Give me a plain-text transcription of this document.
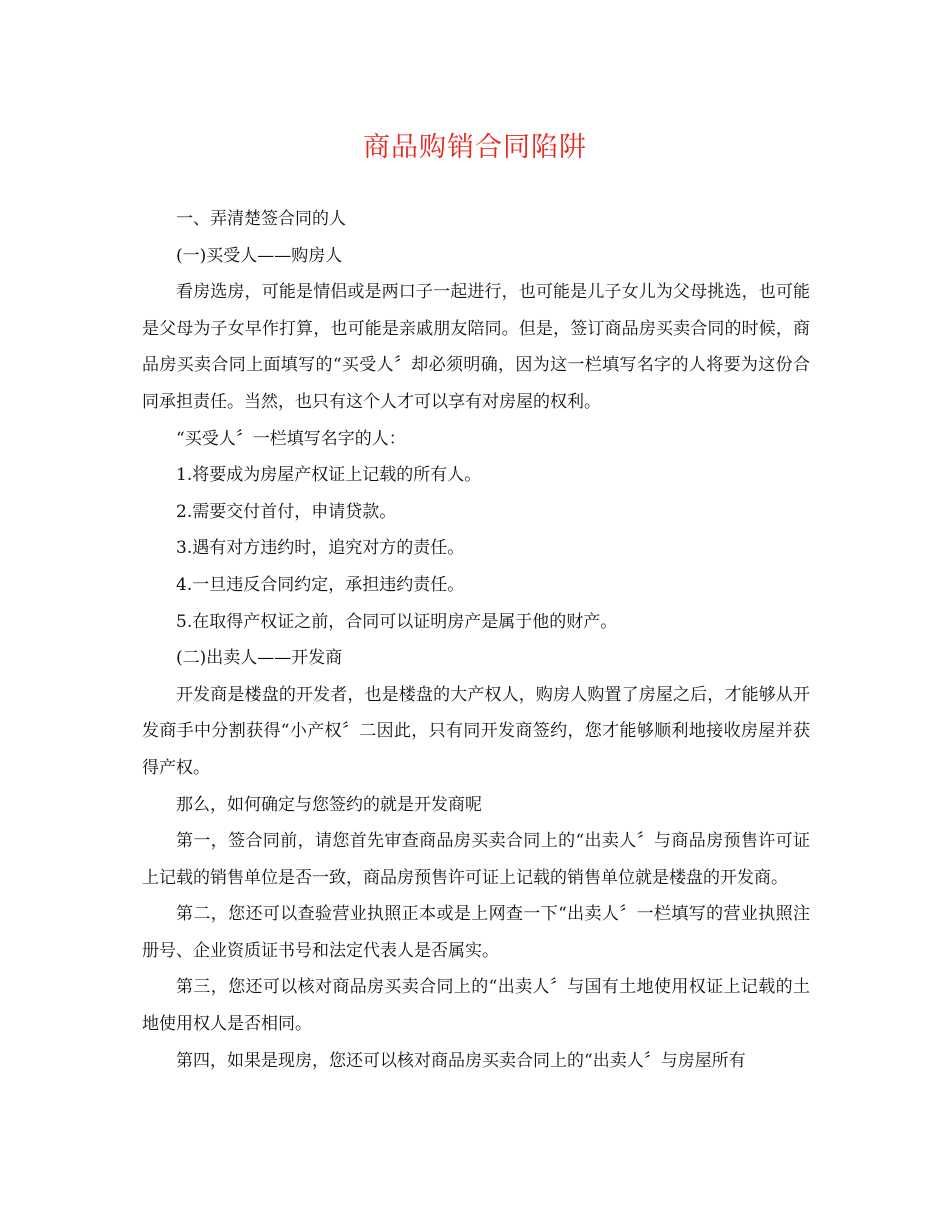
商品购销合同陷阱

一、弄清楚签合同的人

(一)买受人——购房人

看房选房，可能是情侣或是两口子一起进行，也可能是儿子女儿为父母挑选，也可能是父母为子女早作打算，也可能是亲戚朋友陪同。但是，签订商品房买卖合同的时候，商品房买卖合同上面填写的“买受人〞却必须明确，因为这一栏填写名字的人将要为这份合同承担责任。当然，也只有这个人才可以享有对房屋的权利。

“买受人〞一栏填写名字的人：

1.将要成为房屋产权证上记载的所有人。

2.需要交付首付，申请贷款。

3.遇有对方违约时，追究对方的责任。

4.一旦违反合同约定，承担违约责任。

5.在取得产权证之前，合同可以证明房产是属于他的财产。

(二)出卖人——开发商

开发商是楼盘的开发者，也是楼盘的大产权人，购房人购置了房屋之后，才能够从开发商手中分割获得“小产权〞二因此，只有同开发商签约，您才能够顺利地接收房屋并获得产权。

那么，如何确定与您签约的就是开发商呢

第一，签合同前，请您首先审查商品房买卖合同上的“出卖人〞与商品房预售许可证上记载的销售单位是否一致，商品房预售许可证上记载的销售单位就是楼盘的开发商。

第二，您还可以查验营业执照正本或是上网查一下“出卖人〞一栏填写的营业执照注册号、企业资质证书号和法定代表人是否属实。

第三，您还可以核对商品房买卖合同上的“出卖人〞与国有土地使用权证上记载的土地使用权人是否相同。

第四，如果是现房，您还可以核对商品房买卖合同上的“出卖人〞与房屋所有
